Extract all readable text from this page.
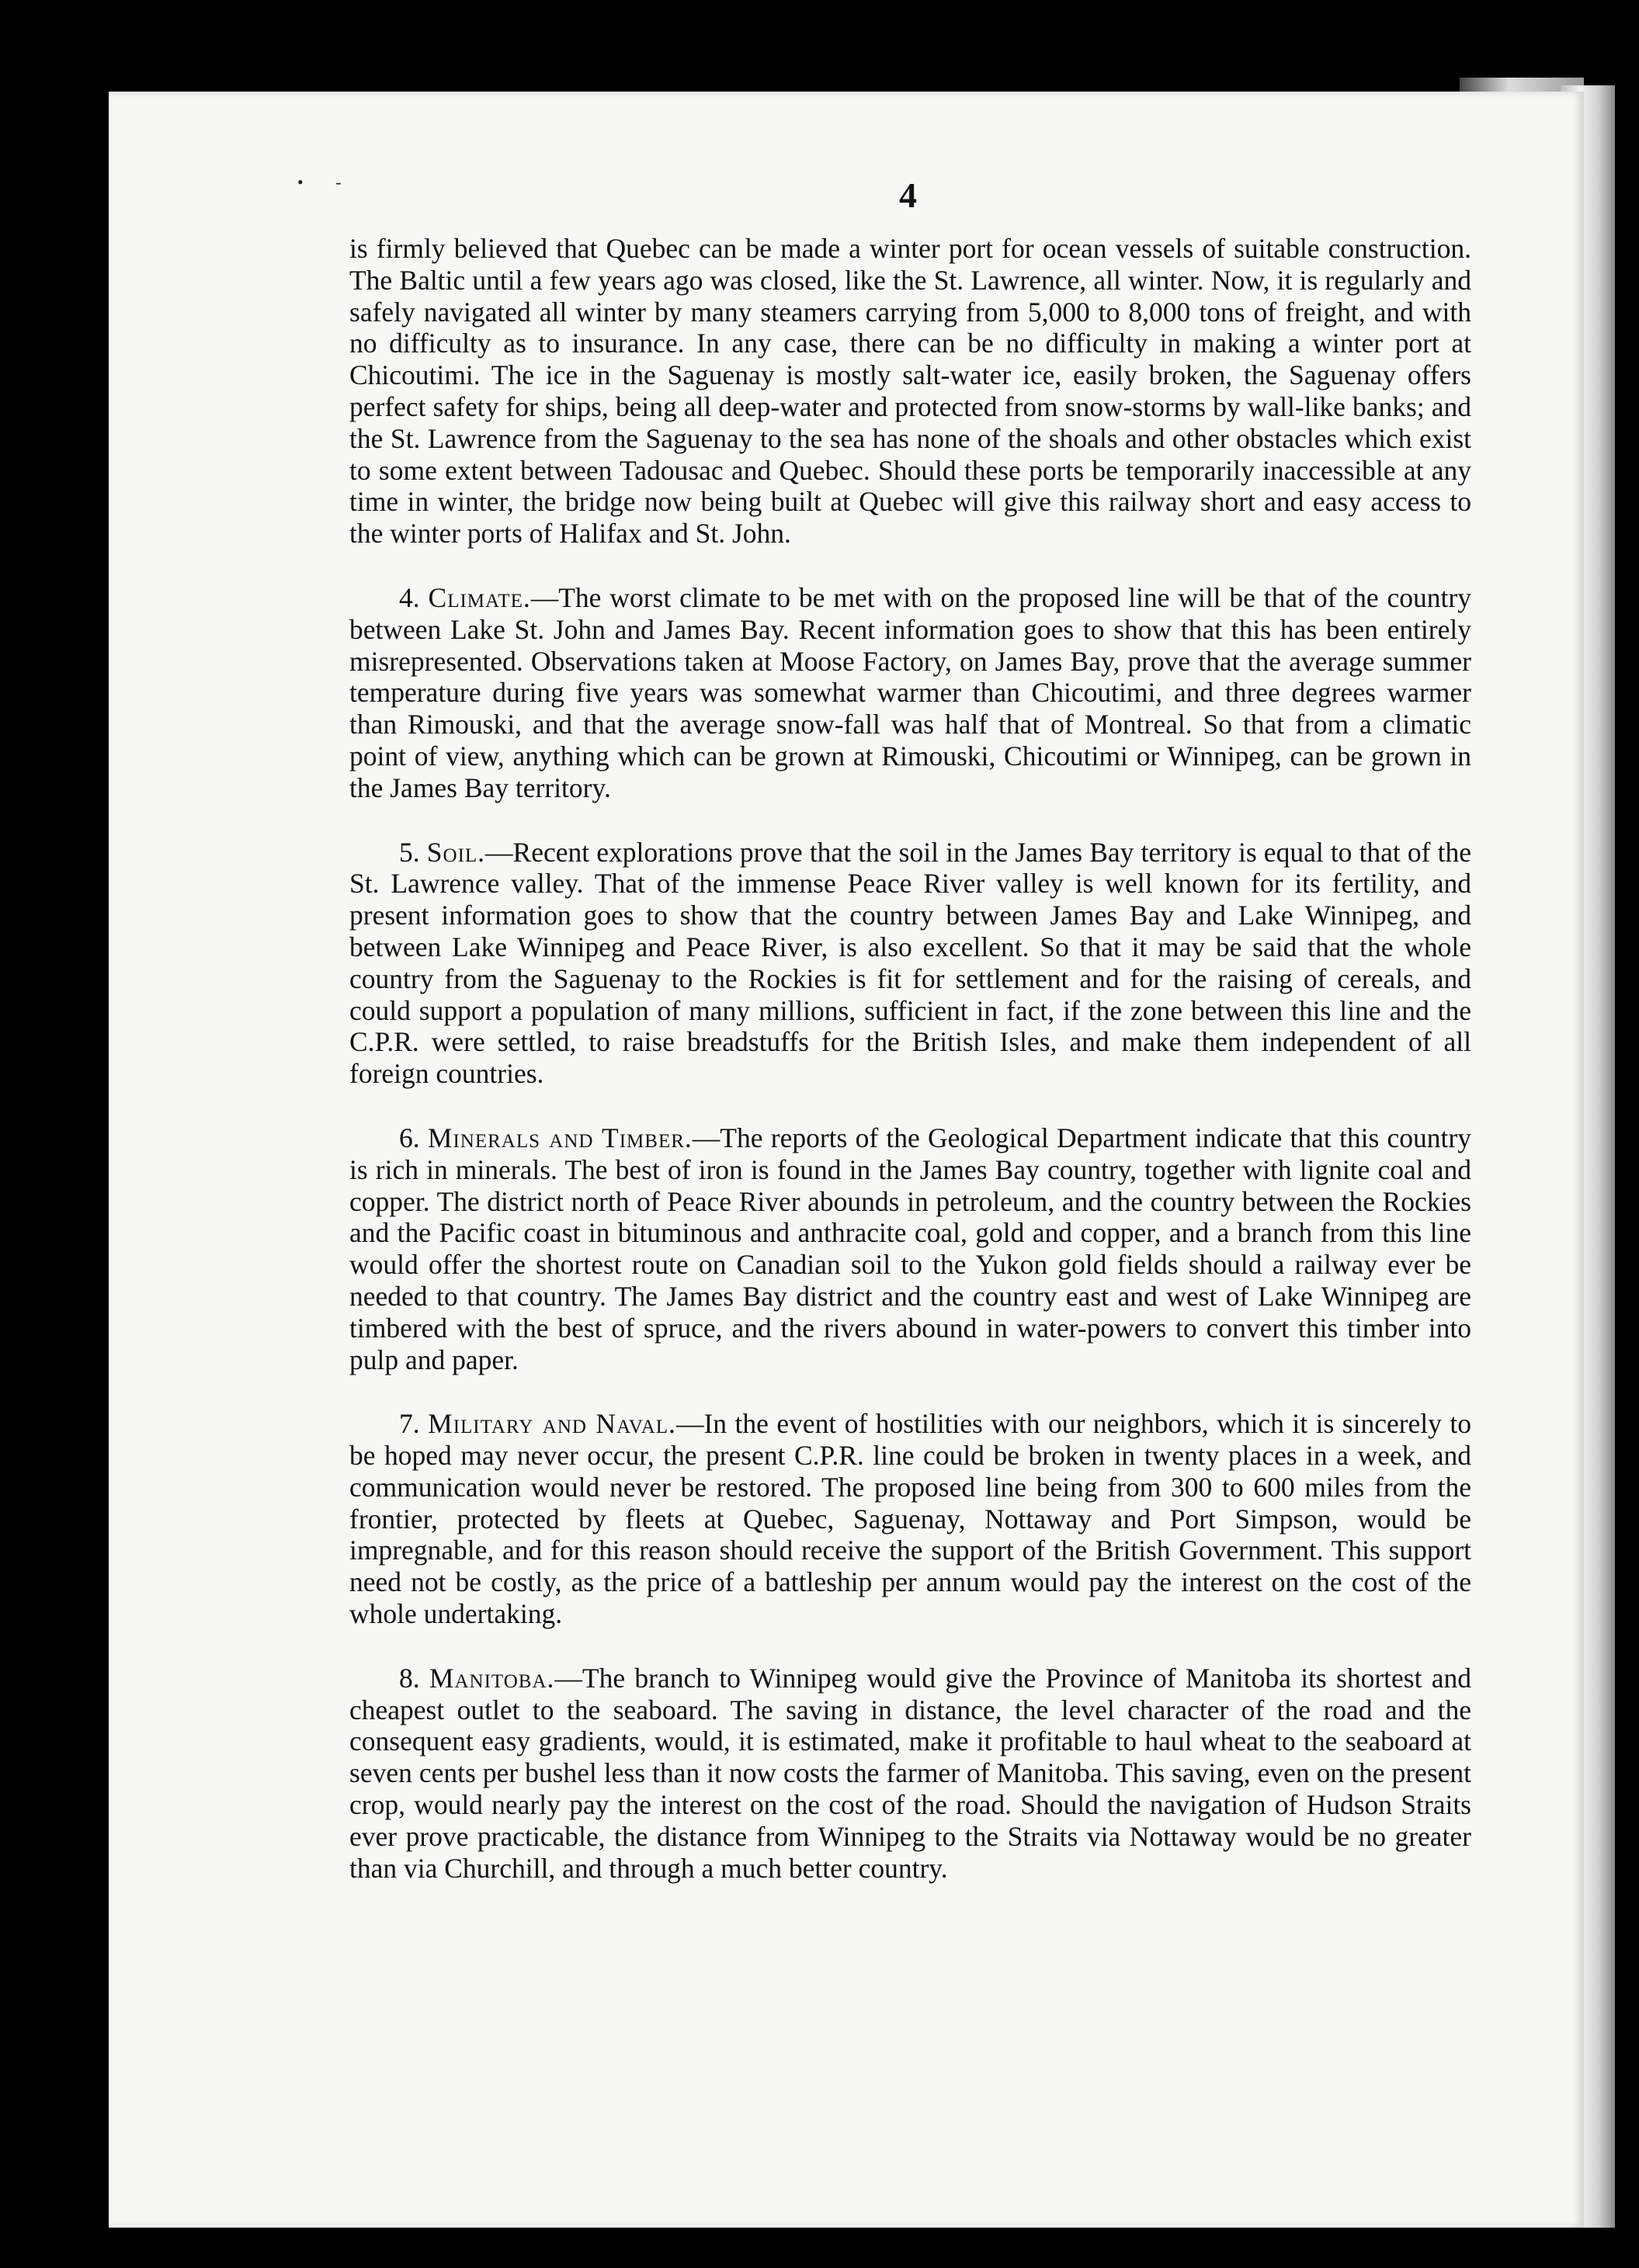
• -	4

is firmly believed that Quebec can be made a winter port for ocean vessels of suitable construction. The Baltic until a few years ago was closed, like the St. Lawrence, all winter. Now, it is regularly and safely navigated all winter by many steamers carrying from 5,000 to 8,000 tons of freight, and with no difficulty as to insurance. In any case, there can be no difficulty in making a winter port at Chicoutimi. The ice in the Saguenay is mostly salt-water ice, easily broken, the Saguenay offers perfect safety for ships, being all deep-water and protected from snow-storms by wall-like banks; and the St. Lawrence from the Saguenay to the sea has none of the shoals and other obstacles which exist to some extent between Tadousac and Quebec. Should these ports be temporarily inaccessible at any time in winter, the bridge now being built at Quebec will give this railway short and easy access to the winter ports of Halifax and St. John.

4. Climate.—The worst climate to be met with on the proposed line will be that of the country between Lake St. John and James Bay. Recent information goes to show that this has been entirely misrepresented. Observations taken at Moose Factory, on James Bay, prove that the average summer temperature during five years was somewhat warmer than Chicoutimi, and three degrees warmer than Rimouski, and that the average snow-fall was half that of Montreal. So that from a climatic point of view, anything which can be grown at Rimouski, Chicoutimi or Winnipeg, can be grown in the James Bay territory.

5. Soil.—Recent explorations prove that the soil in the James Bay territory is equal to that of the St. Lawrence valley. That of the immense Peace River valley is well known for its fertility, and present information goes to show that the country between James Bay and Lake Winnipeg, and between Lake Winnipeg and Peace River, is also excellent. So that it may be said that the whole country from the Saguenay to the Rockies is fit for settlement and for the raising of cereals, and could support a population of many millions, sufficient in fact, if the zone between this line and the C.P.R. were settled, to raise breadstuffs for the British Isles, and make them independent of all foreign countries.

6. Minerals and Timber.—The reports of the Geological Department indicate that this country is rich in minerals. The best of iron is found in the James Bay country, together with lignite coal and copper. The district north of Peace River abounds in petroleum, and the country between the Rockies and the Pacific coast in bituminous and anthracite coal, gold and copper, and a branch from this line would offer the shortest route on Canadian soil to the Yukon gold fields should a railway ever be needed to that country. The James Bay district and the country east and west of Lake Winnipeg are timbered with the best of spruce, and the rivers abound in water-powers to convert this timber into pulp and paper.

7. Military and Naval.—In the event of hostilities with our neighbors, which it is sincerely to be hoped may never occur, the present C.P.R. line could be broken in twenty places in a week, and communication would never be restored. The proposed line being from 300 to 600 miles from the frontier, protected by fleets at Quebec, Saguenay, Nottaway and Port Simpson, would be impregnable, and for this reason should receive the support of the British Government. This support need not be costly, as the price of a battleship per annum would pay the interest on the cost of the whole undertaking.

8. Manitoba.—The branch to Winnipeg would give the Province of Manitoba its shortest and cheapest outlet to the seaboard. The saving in distance, the level character of the road and the consequent easy gradients, would, it is estimated, make it profitable to haul wheat to the seaboard at seven cents per bushel less than it now costs the farmer of Manitoba. This saving, even on the present crop, would nearly pay the interest on the cost of the road. Should the navigation of Hudson Straits ever prove practicable, the distance from Winnipeg to the Straits via Nottaway would be no greater than via Churchill, and through a much better country.
